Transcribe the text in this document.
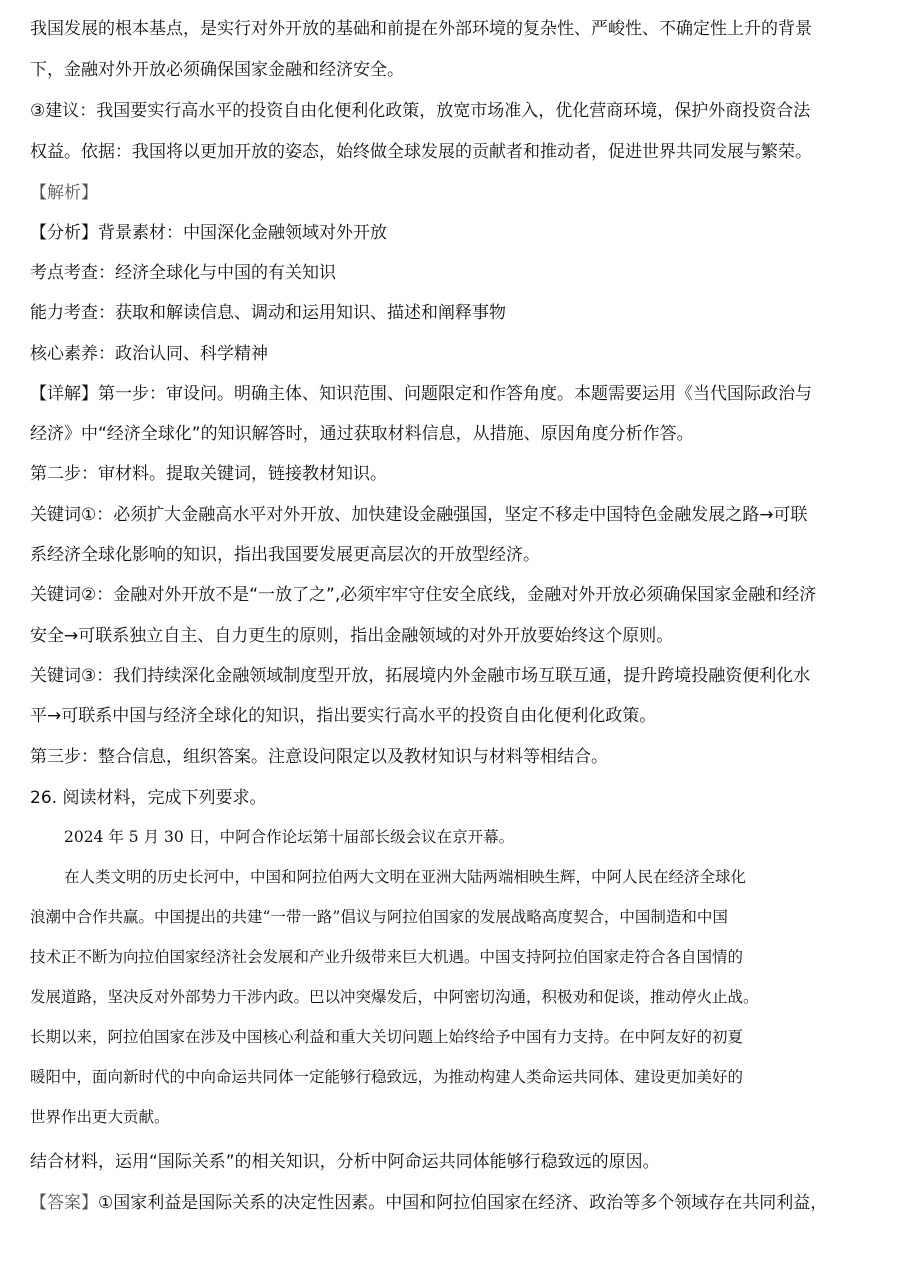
我国发展的根本基点，是实行对外开放的基础和前提在外部环境的复杂性、严峻性、不确定性上升的背景
下，金融对外开放必须确保国家金融和经济安全。
③建议：我国要实行高水平的投资自由化便利化政策，放宽市场准入，优化营商环境，保护外商投资合法
权益。依据：我国将以更加开放的姿态，始终做全球发展的贡献者和推动者，促进世界共同发展与繁荣。
【解析】
【分析】背景素材：中国深化金融领域对外开放
考点考查：经济全球化与中国的有关知识
能力考查：获取和解读信息、调动和运用知识、描述和阐释事物
核心素养：政治认同、科学精神
【详解】第一步：审设问。明确主体、知识范围、问题限定和作答角度。本题需要运用《当代国际政治与
经济》中“经济全球化”的知识解答时，通过获取材料信息，从措施、原因角度分析作答。
第二步：审材料。提取关键词，链接教材知识。
关键词①：必须扩大金融高水平对外开放、加快建设金融强国，坚定不移走中国特色金融发展之路→可联
系经济全球化影响的知识，指出我国要发展更高层次的开放型经济。
关键词②：金融对外开放不是“一放了之”,必须牢牢守住安全底线，金融对外开放必须确保国家金融和经济
安全→可联系独立自主、自力更生的原则，指出金融领域的对外开放要始终这个原则。
关键词③：我们持续深化金融领域制度型开放，拓展境内外金融市场互联互通，提升跨境投融资便利化水
平→可联系中国与经济全球化的知识，指出要实行高水平的投资自由化便利化政策。
第三步：整合信息，组织答案。注意设问限定以及教材知识与材料等相结合。
26. 阅读材料，完成下列要求。
2024 年 5 月 30 日，中阿合作论坛第十届部长级会议在京开幕。
在人类文明的历史长河中，中国和阿拉伯两大文明在亚洲大陆两端相映生辉，中阿人民在经济全球化
浪潮中合作共赢。中国提出的共建“一带一路”倡议与阿拉伯国家的发展战略高度契合，中国制造和中国
技术正不断为向拉伯国家经济社会发展和产业升级带来巨大机遇。中国支持阿拉伯国家走符合各自国情的
发展道路，坚决反对外部势力干涉内政。巴以冲突爆发后，中阿密切沟通，积极劝和促谈，推动停火止战。
长期以来，阿拉伯国家在涉及中国核心利益和重大关切问题上始终给予中国有力支持。在中阿友好的初夏
暖阳中，面向新时代的中向命运共同体一定能够行稳致远，为推动构建人类命运共同体、建设更加美好的
世界作出更大贡献。
结合材料，运用“国际关系”的相关知识，分析中阿命运共同体能够行稳致远的原因。
【答案】①国家利益是国际关系的决定性因素。中国和阿拉伯国家在经济、政治等多个领域存在共同利益，
